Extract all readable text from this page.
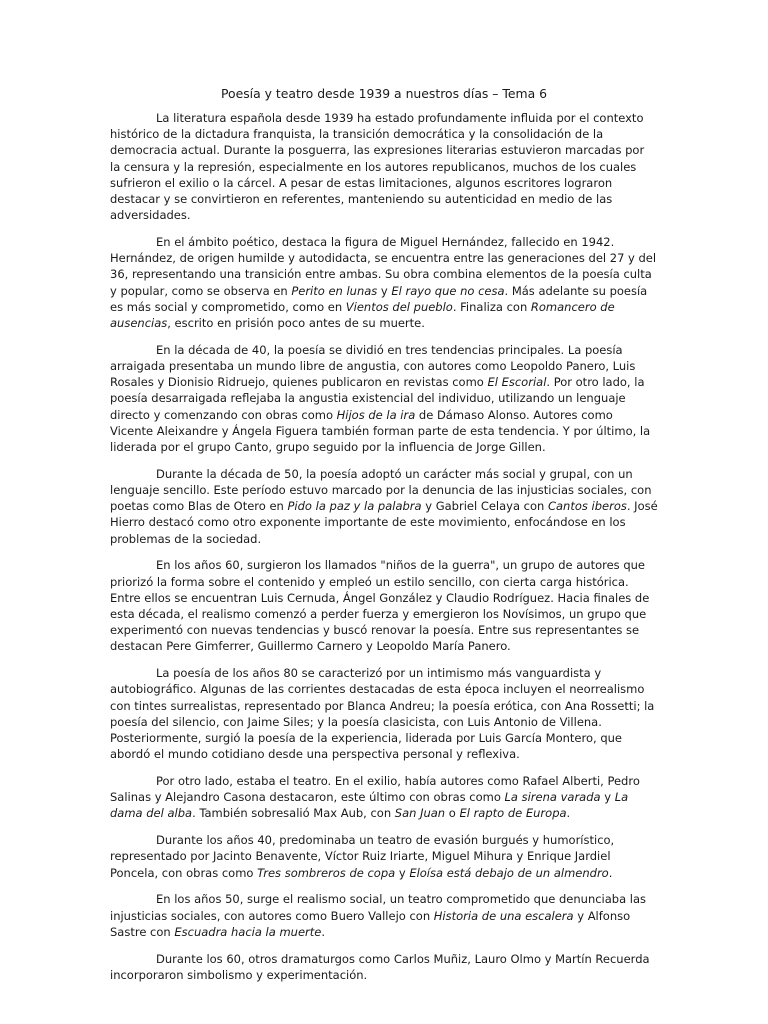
Poesía y teatro desde 1939 a nuestros días – Tema 6

La literatura española desde 1939 ha estado profundamente influida por el contexto histórico de la dictadura franquista, la transición democrática y la consolidación de la democracia actual. Durante la posguerra, las expresiones literarias estuvieron marcadas por la censura y la represión, especialmente en los autores republicanos, muchos de los cuales sufrieron el exilio o la cárcel. A pesar de estas limitaciones, algunos escritores lograron destacar y se convirtieron en referentes, manteniendo su autenticidad en medio de las adversidades.

En el ámbito poético, destaca la figura de Miguel Hernández, fallecido en 1942. Hernández, de origen humilde y autodidacta, se encuentra entre las generaciones del 27 y del 36, representando una transición entre ambas. Su obra combina elementos de la poesía culta y popular, como se observa en Perito en lunas y El rayo que no cesa. Más adelante su poesía es más social y comprometido, como en Vientos del pueblo. Finaliza con Romancero de ausencias, escrito en prisión poco antes de su muerte.

En la década de 40, la poesía se dividió en tres tendencias principales. La poesía arraigada presentaba un mundo libre de angustia, con autores como Leopoldo Panero, Luis Rosales y Dionisio Ridruejo, quienes publicaron en revistas como El Escorial. Por otro lado, la poesía desarraigada reflejaba la angustia existencial del individuo, utilizando un lenguaje directo y comenzando con obras como Hijos de la ira de Dámaso Alonso. Autores como Vicente Aleixandre y Ángela Figuera también forman parte de esta tendencia. Y por último, la liderada por el grupo Canto, grupo seguido por la influencia de Jorge Gillen.

Durante la década de 50, la poesía adoptó un carácter más social y grupal, con un lenguaje sencillo. Este período estuvo marcado por la denuncia de las injusticias sociales, con poetas como Blas de Otero en Pido la paz y la palabra y Gabriel Celaya con Cantos iberos. José Hierro destacó como otro exponente importante de este movimiento, enfocándose en los problemas de la sociedad.

En los años 60, surgieron los llamados "niños de la guerra", un grupo de autores que priorizó la forma sobre el contenido y empleó un estilo sencillo, con cierta carga histórica. Entre ellos se encuentran Luis Cernuda, Ángel González y Claudio Rodríguez. Hacia finales de esta década, el realismo comenzó a perder fuerza y emergieron los Novísimos, un grupo que experimentó con nuevas tendencias y buscó renovar la poesía. Entre sus representantes se destacan Pere Gimferrer, Guillermo Carnero y Leopoldo María Panero.

La poesía de los años 80 se caracterizó por un intimismo más vanguardista y autobiográfico. Algunas de las corrientes destacadas de esta época incluyen el neorrealismo con tintes surrealistas, representado por Blanca Andreu; la poesía erótica, con Ana Rossetti; la poesía del silencio, con Jaime Siles; y la poesía clasicista, con Luis Antonio de Villena. Posteriormente, surgió la poesía de la experiencia, liderada por Luis García Montero, que abordó el mundo cotidiano desde una perspectiva personal y reflexiva.

Por otro lado, estaba el teatro. En el exilio, había autores como Rafael Alberti, Pedro Salinas y Alejandro Casona destacaron, este último con obras como La sirena varada y La dama del alba. También sobresalió Max Aub, con San Juan o El rapto de Europa.

Durante los años 40, predominaba un teatro de evasión burgués y humorístico, representado por Jacinto Benavente, Víctor Ruiz Iriarte, Miguel Mihura y Enrique Jardiel Poncela, con obras como Tres sombreros de copa y Eloísa está debajo de un almendro.

En los años 50, surge el realismo social, un teatro comprometido que denunciaba las injusticias sociales, con autores como Buero Vallejo con Historia de una escalera y Alfonso Sastre con Escuadra hacia la muerte.

Durante los 60, otros dramaturgos como Carlos Muñiz, Lauro Olmo y Martín Recuerda incorporaron simbolismo y experimentación.
